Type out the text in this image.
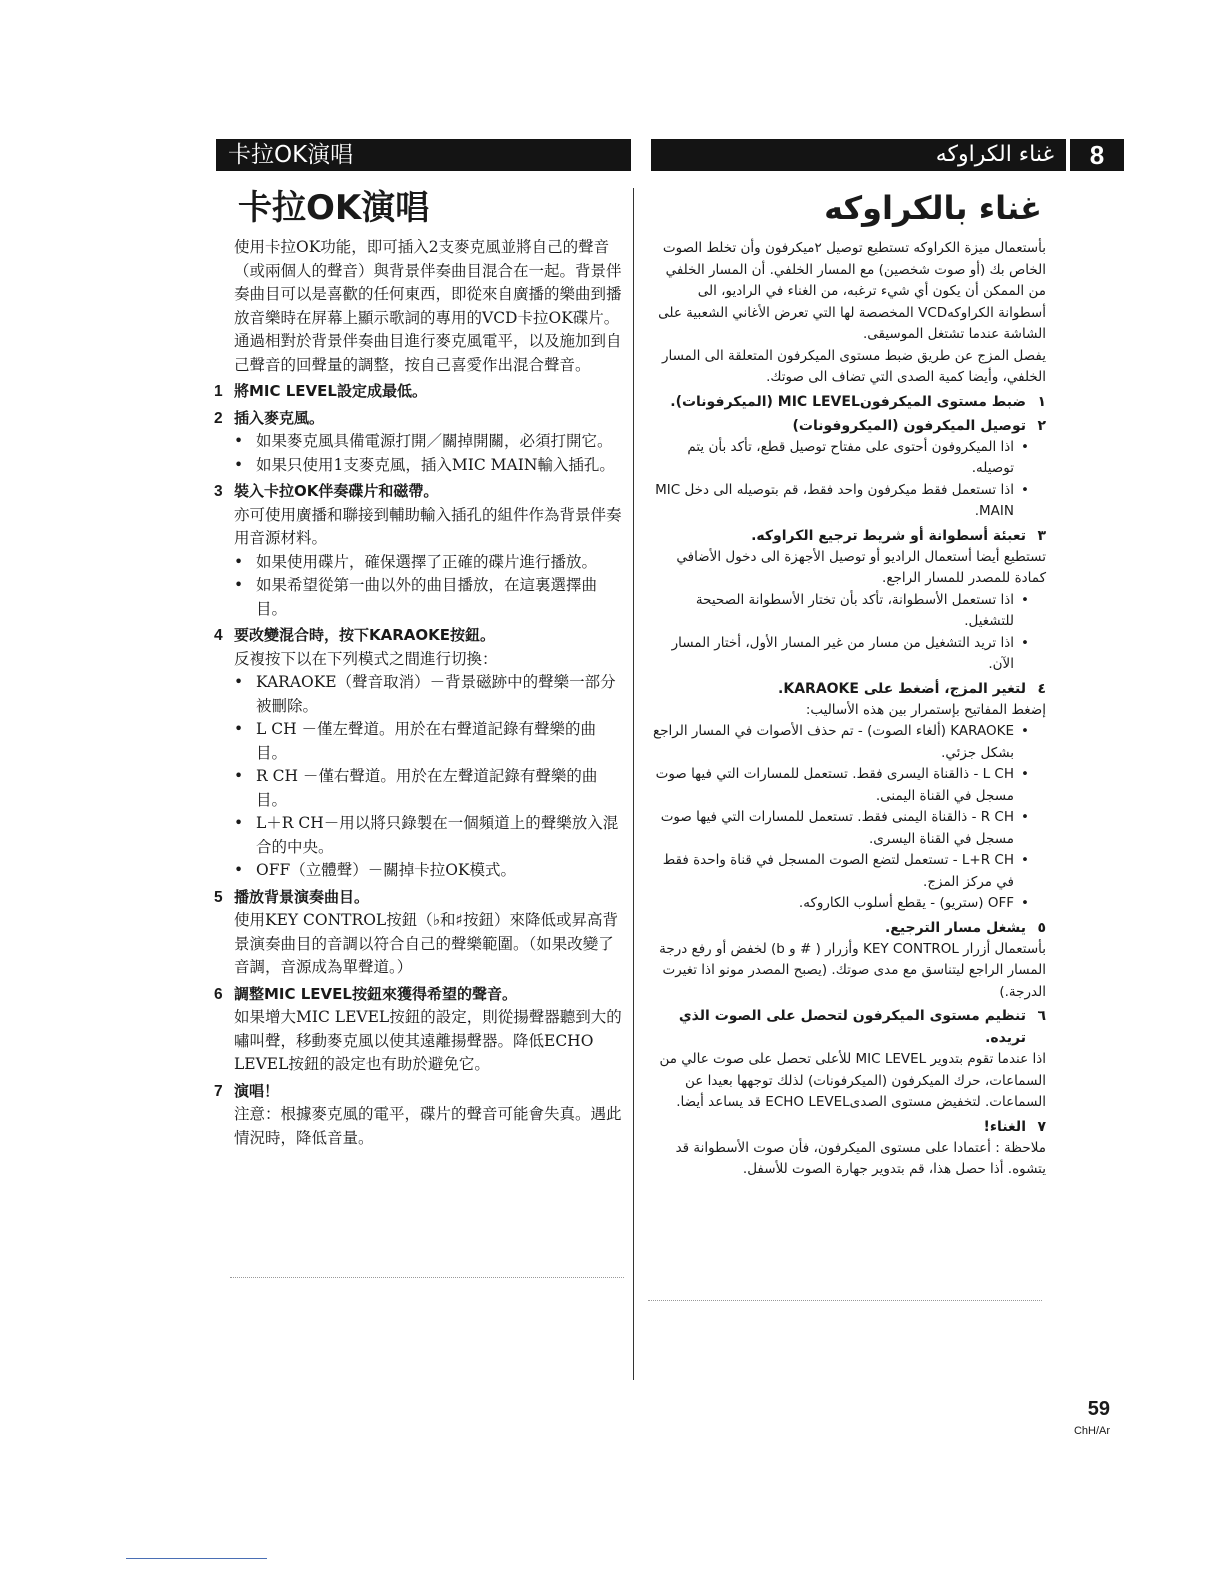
卡拉OK演唱	غناء الكراوكه	8
卡拉OK演唱

使用卡拉OK功能，即可插入2支麥克風並將自己的聲音（或兩個人的聲音）與背景伴奏曲目混合在一起。背景伴奏曲目可以是喜歡的任何東西，即從來自廣播的樂曲到播放音樂時在屏幕上顯示歌詞的專用的VCD卡拉OK碟片。

通過相對於背景伴奏曲目進行麥克風電平，以及施加到自己聲音的回聲量的調整，按自己喜愛作出混合聲音。

1 將MIC LEVEL設定成最低。
2 插入麥克風。
• 如果麥克風具備電源打開／關掉開關，必須打開它。
• 如果只使用1支麥克風，插入MIC MAIN輸入插孔。
3 裝入卡拉OK伴奏碟片和磁帶。

亦可使用廣播和聯接到輔助輸入插孔的組件作為背景伴奏用音源材料。

• 如果使用碟片，確保選擇了正確的碟片進行播放。
• 如果希望從第一曲以外的曲目播放，在這裏選擇曲目。
4 要改變混合時，按下KARAOKE按鈕。

反複按下以在下列模式之間進行切換：

• KARAOKE（聲音取消）－背景磁跡中的聲樂一部分被刪除。
• L CH －僅左聲道。用於在右聲道記錄有聲樂的曲目。
• R CH －僅右聲道。用於在左聲道記錄有聲樂的曲目。
• L＋R CH－用以將只錄製在一個頻道上的聲樂放入混合的中央。
• OFF（立體聲）－關掉卡拉OK模式。
5 播放背景演奏曲目。

使用KEY CONTROL按鈕（♭和♯按鈕）來降低或昇高背景演奏曲目的音調以符合自己的聲樂範圍。（如果改變了音調，音源成為單聲道。）

6 調整MIC LEVEL按鈕來獲得希望的聲音。

如果增大MIC LEVEL按鈕的設定，則從揚聲器聽到大的嘯叫聲，移動麥克風以使其遠離揚聲器。降低ECHO LEVEL按鈕的設定也有助於避免它。

7 演唱！

注意：根據麥克風的電平，碟片的聲音可能會失真。遇此情況時，降低音量。

غناء بالكراوكه

بأستعمال ميزة الكراوكه تستطيع توصيل ٢ميكرفون وأن تخلط الصوت الخاص بك (أو صوت شخصين) مع المسار الخلفي. أن المسار الخلفي من الممكن أن يكون أي شيء ترغبه، من الغناء في الراديو، الى أسطوانة الكراوكهVCD المخصصة لها التي تعرض الأغاني الشعبية على الشاشة عندما تشتغل الموسيقى.

يفصل المزج عن طريق ضبط مستوى الميكرفون المتعلقة الى المسار الخلفي، وأيضا كمية الصدى التي تضاف الى صوتك.

١
ضبط مستوى الميكرفونMIC LEVEL (الميكرفونات).
٢
توصيل الميكرفون (الميكروفونات)
•
اذا الميكروفون أحتوى على مفتاح توصيل قطع، تأكد بأن يتم توصيله.
•
اذا تستعمل فقط ميكرفون واحد فقط، قم بتوصيله الى دخل MIC MAIN.
٣
تعبئة أسطوانة أو شريط ترجيع الكراوكه.

تستطيع أيضا أستعمال الراديو أو توصيل الأجهزة الى دخول الأضافي كمادة للمصدر للمسار الراجع.

•
اذا تستعمل الأسطوانة، تأكد بأن تختار الأسطوانة الصحيحة للتشغيل.
•
اذا تريد التشغيل من مسار من غير المسار الأول، أختار المسار الآن.
٤
لتغير المزج، أضغط على KARAOKE.

إضغط المفاتيح بإستمرار بين هذه الأساليب:

•
KARAOKE (ألغاء الصوت) - تم حذف الأصوات في المسار الراجع بشكل جزئي.
•
L CH - ذالقناة اليسرى فقط. تستعمل للمسارات التي فيها صوت مسجل في القناة اليمنى.
•
R CH - ذالقناة اليمنى فقط. تستعمل للمسارات التي فيها صوت مسجل في القناة اليسرى.
•
L+R CH - تستعمل لتضع الصوت المسجل في قناة واحدة فقط في مركز المزج.
•
OFF (ستريو) - يقطع أسلوب الكاروكه.
٥
يشغل مسار الترجيع.

بأستعمال أزرار KEY CONTROL وأزرار ( # و b) لخفض أو رفع درجة المسار الراجع ليتناسق مع مدى صوتك. (يصبح المصدر مونو اذا تغيرت الدرجة.)

٦
تنظيم مستوى الميكرفون لتحصل على الصوت الذي تريده.

اذا عندما تقوم بتدوير MIC LEVEL للأعلى تحصل على صوت عالي من السماعات، حرك الميكرفون (الميكرفونات) لذلك توجهها بعيدا عن السماعات. لتخفيض مستوى الصدىECHO LEVEL قد يساعد أيضا.

٧
الغناء!

ملاحظة : أعتمادا على مستوى الميكرفون، فأن صوت الأسطوانة قد يتشوه. أذا حصل هذا، قم بتدوير جهارة الصوت للأسفل.

59
ChH/Ar
